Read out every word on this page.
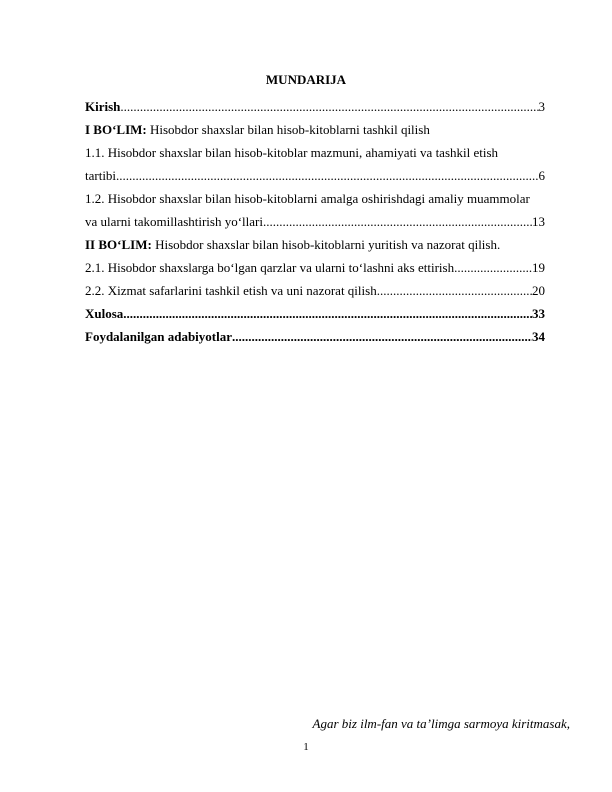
MUNDARIJA
Kirish .....	3
I BO‘LIM: Hisobdor shaxslar bilan hisob-kitoblarni tashkil qilish
1.1. Hisobdor shaxslar bilan hisob-kitoblar mazmuni, ahamiyati va tashkil etish
tartibi .....	6
1.2. Hisobdor shaxslar bilan hisob-kitoblarni amalga oshirishdagi amaliy muammolar
va ularni takomillashtirish yo‘llari .....	13
II BO‘LIM: Hisobdor shaxslar bilan hisob-kitoblarni yuritish va nazorat qilish.
2.1. Hisobdor shaxslarga bo‘lgan qarzlar va ularni to‘lashni aks ettirish .....	19
2.2. Xizmat safarlarini tashkil etish va uni nazorat qilish .....	20
Xulosa .....	33
Foydalanilgan adabiyotlar .....	34
Agar biz ilm-fan va ta’limga sarmoya kiritmasak,
1
